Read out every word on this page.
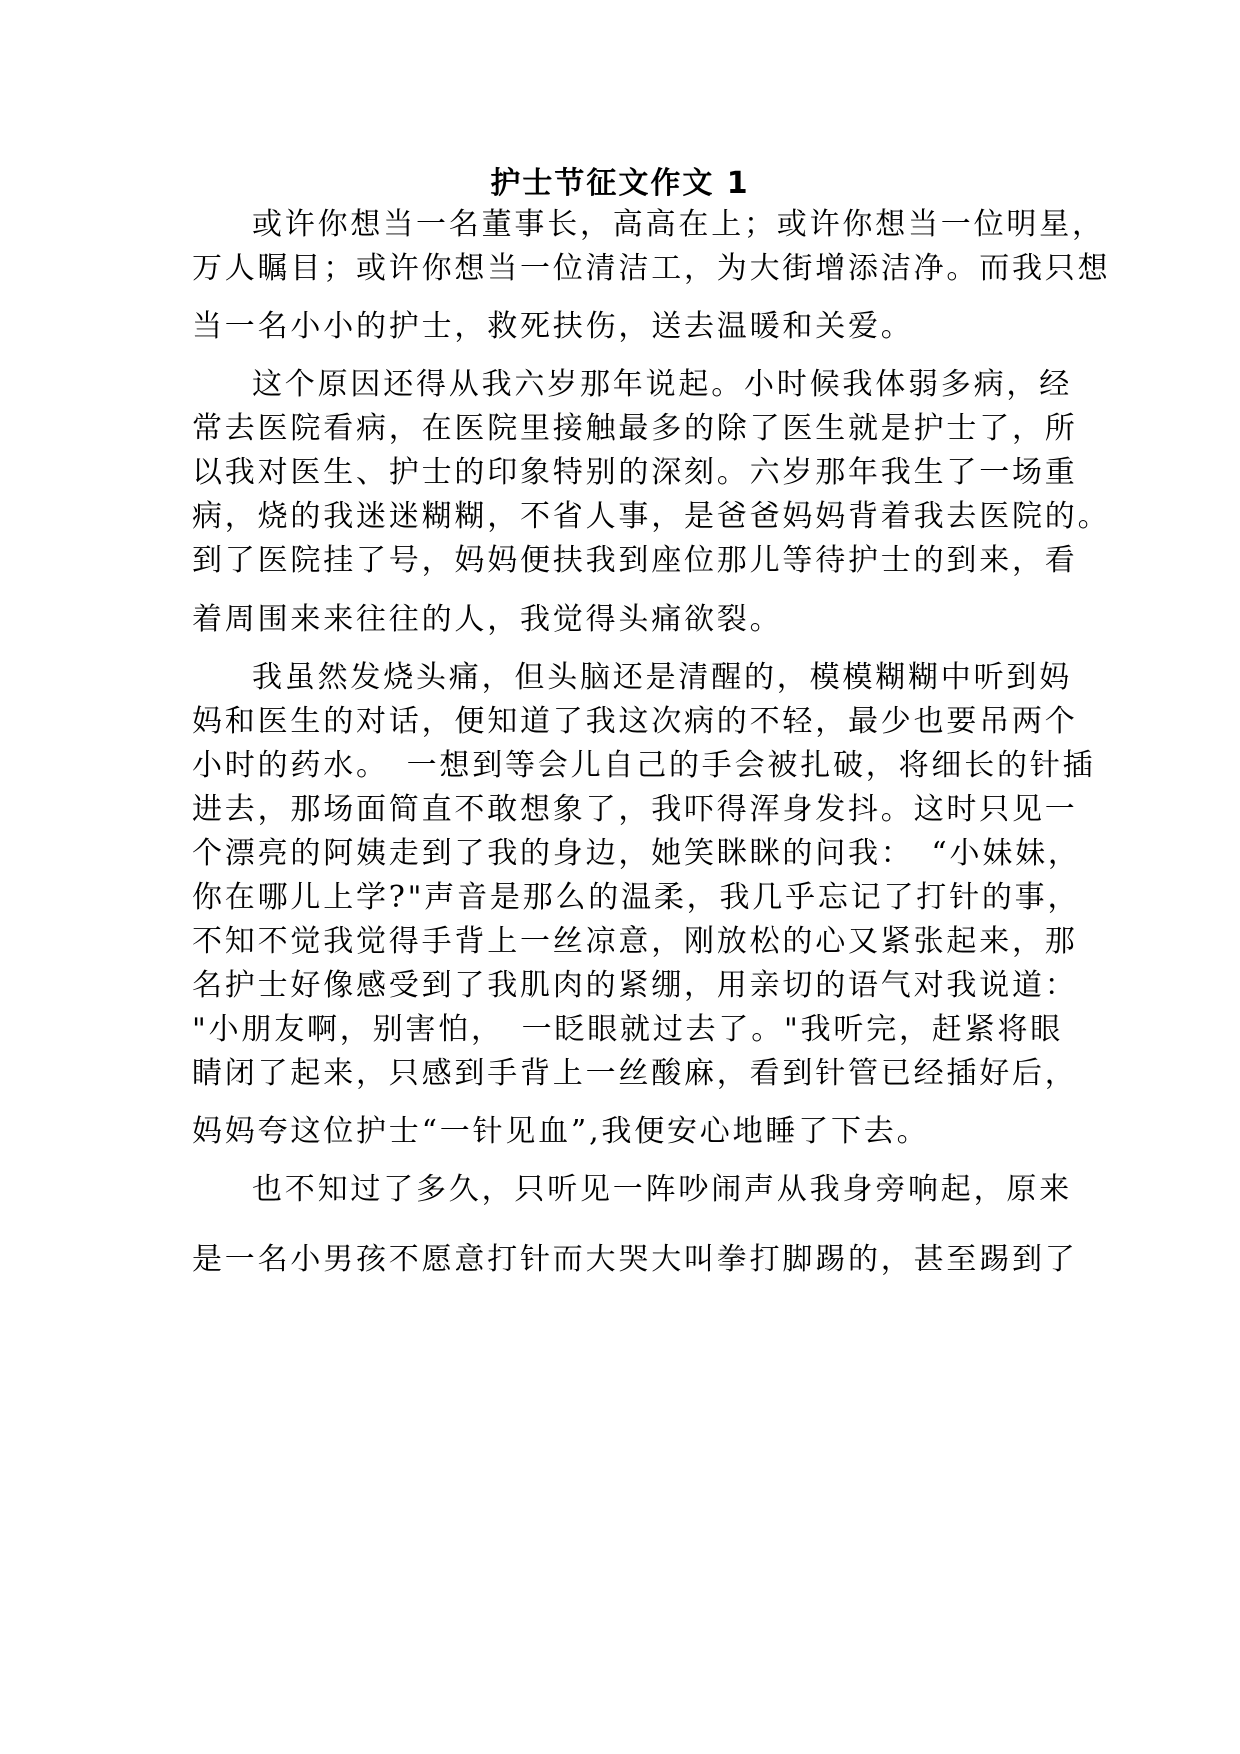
护士节征文作文 1
或许你想当一名董事长，高高在上；或许你想当一位明星，
万人瞩目；或许你想当一位清洁工，为大街增添洁净。而我只想
当一名小小的护士，救死扶伤，送去温暖和关爱。
这个原因还得从我六岁那年说起。小时候我体弱多病，经
常去医院看病，在医院里接触最多的除了医生就是护士了，所
以我对医生、护士的印象特别的深刻。六岁那年我生了一场重
病，烧的我迷迷糊糊，不省人事，是爸爸妈妈背着我去医院的。
到了医院挂了号，妈妈便扶我到座位那儿等待护士的到来，看
着周围来来往往的人，我觉得头痛欲裂。
我虽然发烧头痛，但头脑还是清醒的，模模糊糊中听到妈
妈和医生的对话，便知道了我这次病的不轻，最少也要吊两个
小时的药水。　一想到等会儿自己的手会被扎破，将细长的针插
进去，那场面简直不敢想象了，我吓得浑身发抖。这时只见一
个漂亮的阿姨走到了我的身边，她笑眯眯的问我：　“小妹妹，
你在哪儿上学?"声音是那么的温柔，我几乎忘记了打针的事，
不知不觉我觉得手背上一丝凉意，刚放松的心又紧张起来，那
名护士好像感受到了我肌肉的紧绷，用亲切的语气对我说道：
"小朋友啊，别害怕，　一眨眼就过去了。"我听完，赶紧将眼
睛闭了起来，只感到手背上一丝酸麻，看到针管已经插好后，
妈妈夸这位护士“一针见血”,我便安心地睡了下去。
也不知过了多久，只听见一阵吵闹声从我身旁响起，原来
是一名小男孩不愿意打针而大哭大叫拳打脚踢的，甚至踢到了
